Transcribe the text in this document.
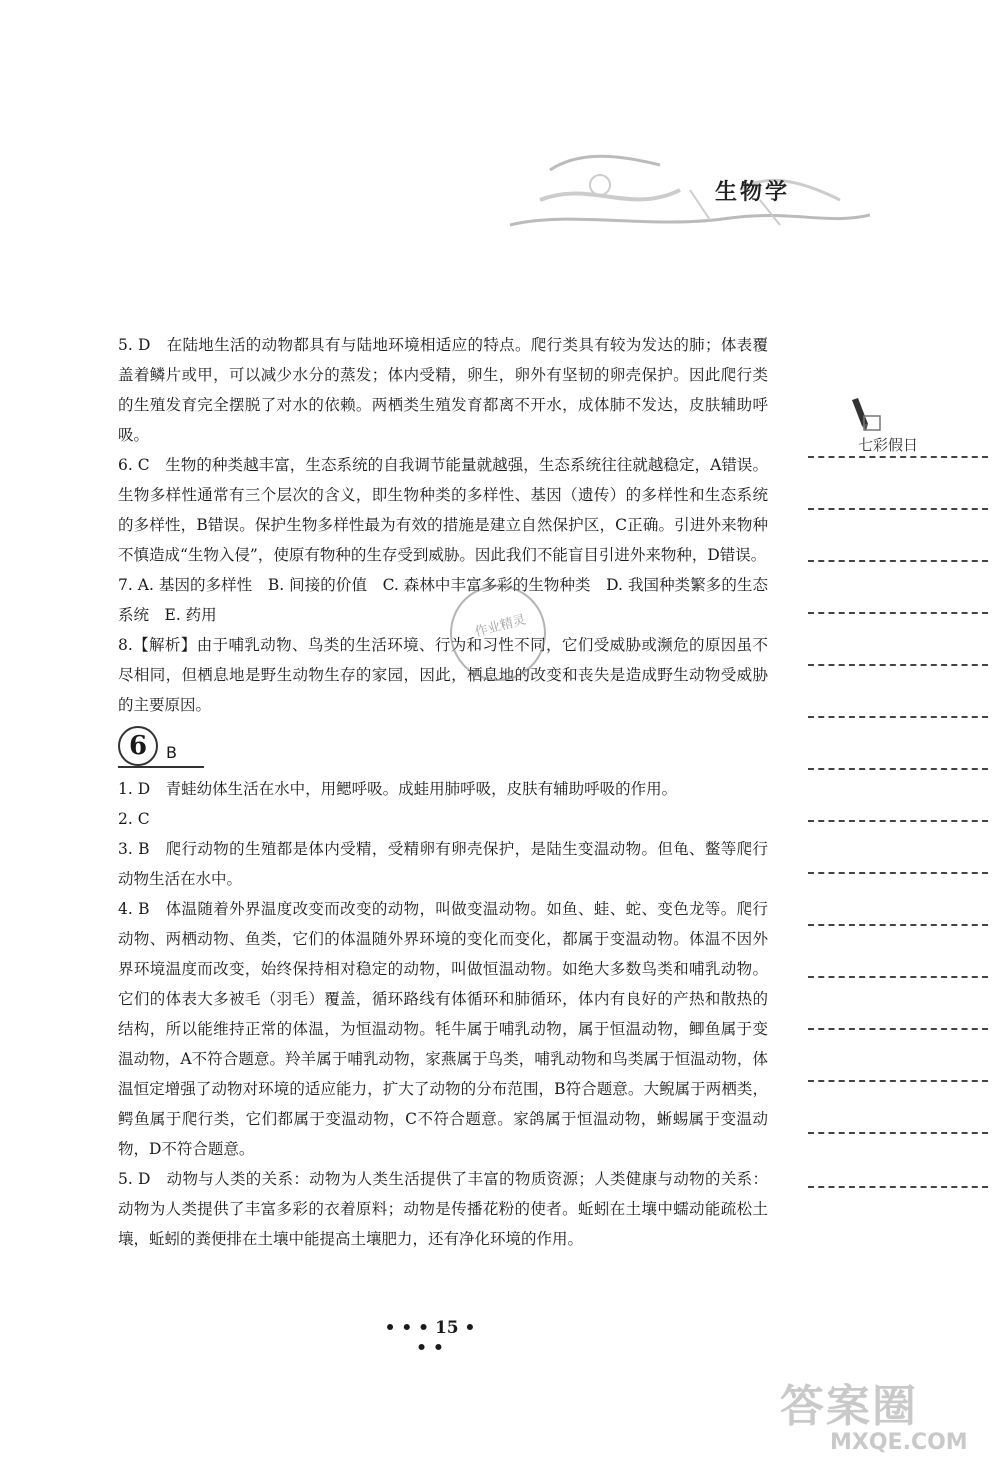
生物学

5. D　在陆地生活的动物都具有与陆地环境相适应的特点。爬行类具有较为发达的肺；体表覆盖着鳞片或甲，可以减少水分的蒸发；体内受精，卵生，卵外有坚韧的卵壳保护。因此爬行类的生殖发育完全摆脱了对水的依赖。两栖类生殖发育都离不开水，成体肺不发达，皮肤辅助呼吸。

6. C　生物的种类越丰富，生态系统的自我调节能量就越强，生态系统往往就越稳定，A错误。生物多样性通常有三个层次的含义，即生物种类的多样性、基因（遗传）的多样性和生态系统的多样性，B错误。保护生物多样性最为有效的措施是建立自然保护区，C正确。引进外来物种不慎造成“生物入侵”，使原有物种的生存受到威胁。因此我们不能盲目引进外来物种，D错误。

7. A. 基因的多样性　B. 间接的价值　C. 森林中丰富多彩的生物种类　D. 我国种类繁多的生态系统　E. 药用

8.【解析】由于哺乳动物、鸟类的生活环境、行为和习性不同，它们受威胁或濒危的原因虽不尽相同，但栖息地是野生动物生存的家园，因此，栖息地的改变和丧失是造成野生动物受威胁的主要原因。

6	B

1. D　青蛙幼体生活在水中，用鳃呼吸。成蛙用肺呼吸，皮肤有辅助呼吸的作用。

2. C

3. B　爬行动物的生殖都是体内受精，受精卵有卵壳保护，是陆生变温动物。但龟、鳖等爬行动物生活在水中。

4. B　体温随着外界温度改变而改变的动物，叫做变温动物。如鱼、蛙、蛇、变色龙等。爬行动物、两栖动物、鱼类，它们的体温随外界环境的变化而变化，都属于变温动物。体温不因外界环境温度而改变，始终保持相对稳定的动物，叫做恒温动物。如绝大多数鸟类和哺乳动物。它们的体表大多被毛（羽毛）覆盖，循环路线有体循环和肺循环，体内有良好的产热和散热的结构，所以能维持正常的体温，为恒温动物。牦牛属于哺乳动物，属于恒温动物，鲫鱼属于变温动物，A不符合题意。羚羊属于哺乳动物，家燕属于鸟类，哺乳动物和鸟类属于恒温动物，体温恒定增强了动物对环境的适应能力，扩大了动物的分布范围，B符合题意。大鲵属于两栖类，鳄鱼属于爬行类，它们都属于变温动物，C不符合题意。家鸽属于恒温动物，蜥蜴属于变温动物，D不符合题意。

5. D　动物与人类的关系：动物为人类生活提供了丰富的物质资源；人类健康与动物的关系：动物为人类提供了丰富多彩的衣着原料；动物是传播花粉的使者。蚯蚓在土壤中蠕动能疏松土壤，蚯蚓的粪便排在土壤中能提高土壤肥力，还有净化环境的作用。

作业精灵
七彩假日
• • • 15 • • •
答案圈
MXQE.COM
